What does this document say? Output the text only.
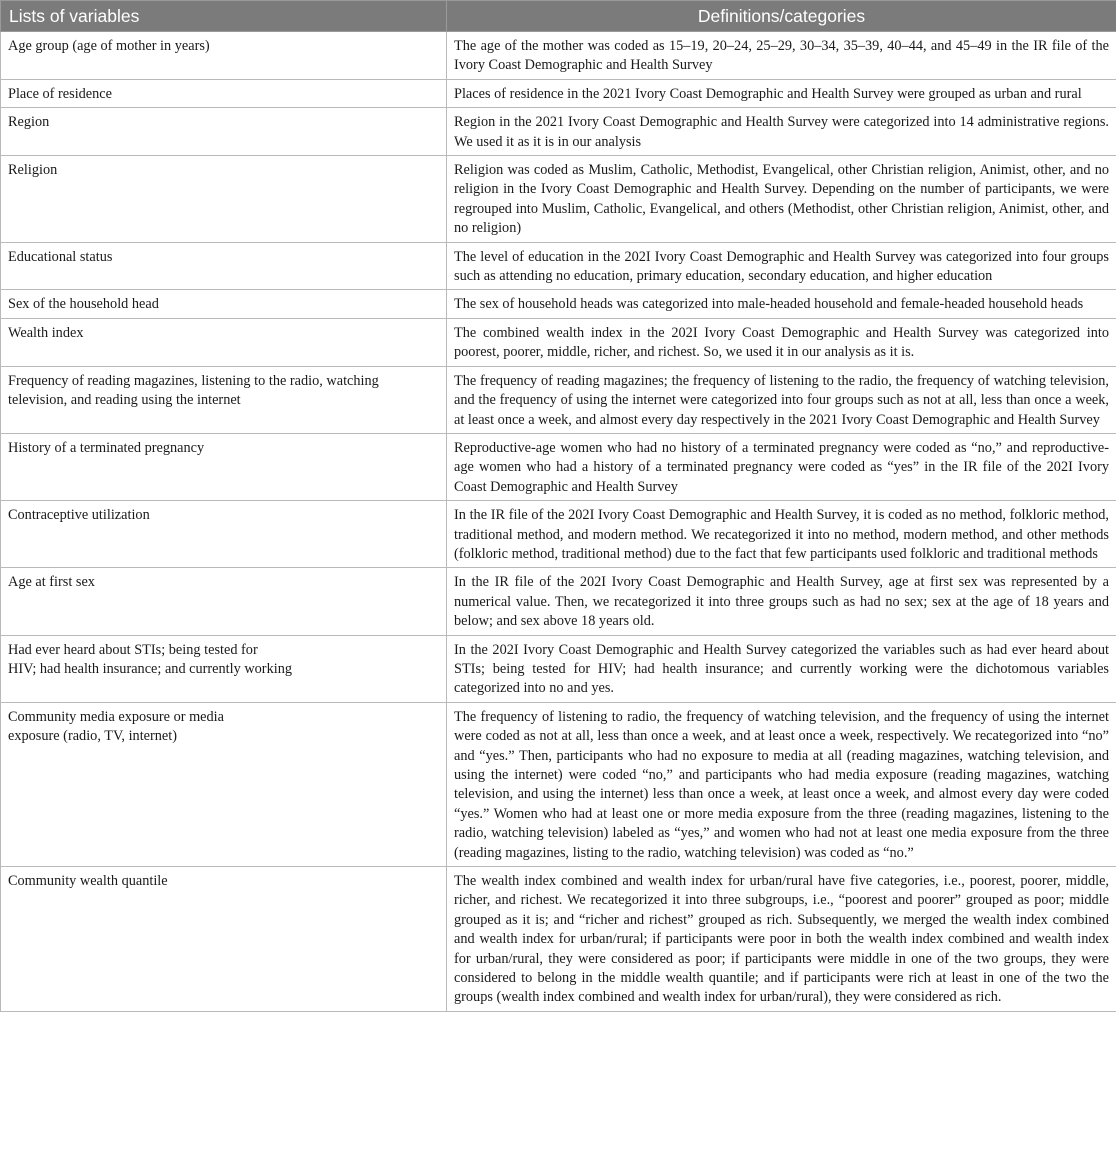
Lists of variables	Definitions/categories
Age group (age of mother in years)	The age of the mother was coded as 15–19, 20–24, 25–29, 30–34, 35–39, 40–44, and 45–49 in the IR file of the Ivory Coast Demographic and Health Survey
Place of residence	Places of residence in the 2021 Ivory Coast Demographic and Health Survey were grouped as urban and rural
Region	Region in the 2021 Ivory Coast Demographic and Health Survey were categorized into 14 administrative regions. We used it as it is in our analysis
Religion	Religion was coded as Muslim, Catholic, Methodist, Evangelical, other Christian religion, Animist, other, and no religion in the Ivory Coast Demographic and Health Survey. Depending on the number of participants, we were regrouped into Muslim, Catholic, Evangelical, and others (Methodist, other Christian religion, Animist, other, and no religion)
Educational status	The level of education in the 202I Ivory Coast Demographic and Health Survey was categorized into four groups such as attending no education, primary education, secondary education, and higher education
Sex of the household head	The sex of household heads was categorized into male-headed household and female-headed household heads
Wealth index	The combined wealth index in the 202I Ivory Coast Demographic and Health Survey was categorized into poorest, poorer, middle, richer, and richest. So, we used it in our analysis as it is.
Frequency of reading magazines, listening to the radio, watching television, and reading using the internet	The frequency of reading magazines; the frequency of listening to the radio, the frequency of watching television, and the frequency of using the internet were categorized into four groups such as not at all, less than once a week, at least once a week, and almost every day respectively in the 2021 Ivory Coast Demographic and Health Survey
History of a terminated pregnancy	Reproductive-age women who had no history of a terminated pregnancy were coded as “no,” and reproductive-age women who had a history of a terminated pregnancy were coded as “yes” in the IR file of the 202I Ivory Coast Demographic and Health Survey
Contraceptive utilization	In the IR file of the 202I Ivory Coast Demographic and Health Survey, it is coded as no method, folkloric method, traditional method, and modern method. We recategorized it into no method, modern method, and other methods (folkloric method, traditional method) due to the fact that few participants used folkloric and traditional methods
Age at first sex	In the IR file of the 202I Ivory Coast Demographic and Health Survey, age at first sex was represented by a numerical value. Then, we recategorized it into three groups such as had no sex; sex at the age of 18 years and below; and sex above 18 years old.
Had ever heard about STIs; being tested for
HIV; had health insurance; and currently working	In the 202I Ivory Coast Demographic and Health Survey categorized the variables such as had ever heard about STIs; being tested for HIV; had health insurance; and currently working were the dichotomous variables categorized into no and yes.
Community media exposure or media
exposure (radio, TV, internet)	The frequency of listening to radio, the frequency of watching television, and the frequency of using the internet were coded as not at all, less than once a week, and at least once a week, respectively. We recategorized into “no” and “yes.” Then, participants who had no exposure to media at all (reading magazines, watching television, and using the internet) were coded “no,” and participants who had media exposure (reading magazines, watching television, and using the internet) less than once a week, at least once a week, and almost every day were coded “yes.” Women who had at least one or more media exposure from the three (reading magazines, listening to the radio, watching television) labeled as “yes,” and women who had not at least one media exposure from the three (reading magazines, listing to the radio, watching television) was coded as “no.”
Community wealth quantile	The wealth index combined and wealth index for urban/rural have five categories, i.e., poorest, poorer, middle, richer, and richest. We recategorized it into three subgroups, i.e., “poorest and poorer” grouped as poor; middle grouped as it is; and “richer and richest” grouped as rich. Subsequently, we merged the wealth index combined and wealth index for urban/rural; if participants were poor in both the wealth index combined and wealth index for urban/rural, they were considered as poor; if participants were middle in one of the two groups, they were considered to belong in the middle wealth quantile; and if participants were rich at least in one of the two the groups (wealth index combined and wealth index for urban/rural), they were considered as rich.
